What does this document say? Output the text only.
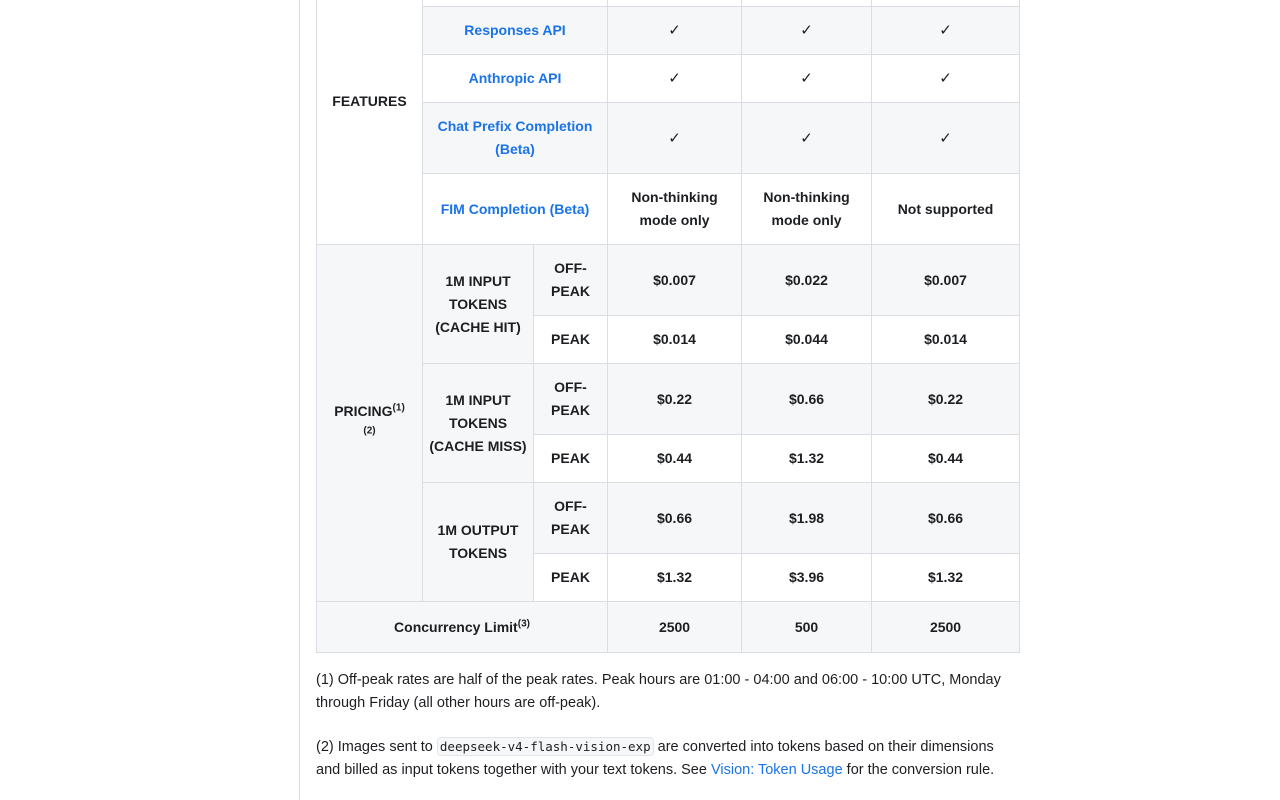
FEATURES				
	Responses API		✓	✓	✓
	Anthropic API		✓	✓	✓
	Chat Prefix Completion (Beta)		✓	✓	✓
	FIM Completion (Beta)		Non-thinking mode only	Non-thinking mode only	Not supported
PRICING$^{(1)}$
$^{(2)}$	1M INPUT TOKENS (CACHE HIT)	OFF-PEAK	$0.007	$0.022	$0.007
		PEAK	$0.014	$0.044	$0.014
	1M INPUT TOKENS (CACHE MISS)	OFF-PEAK	$0.22	$0.66	$0.22
		PEAK	$0.44	$1.32	$0.44
	1M OUTPUT TOKENS	OFF-PEAK	$0.66	$1.98	$0.66
		PEAK	$1.32	$3.96	$1.32
Concurrency Limit$^{(3)}$			2500	500	2500

(1) Off-peak rates are half of the peak rates. Peak hours are 01:00 - 04:00 and 06:00 - 10:00 UTC, Monday through Friday (all other hours are off-peak).

(2) Images sent to deepseek-v4-flash-vision-exp are converted into tokens based on their dimensions and billed as input tokens together with your text tokens. See Vision: Token Usage for the conversion rule.
